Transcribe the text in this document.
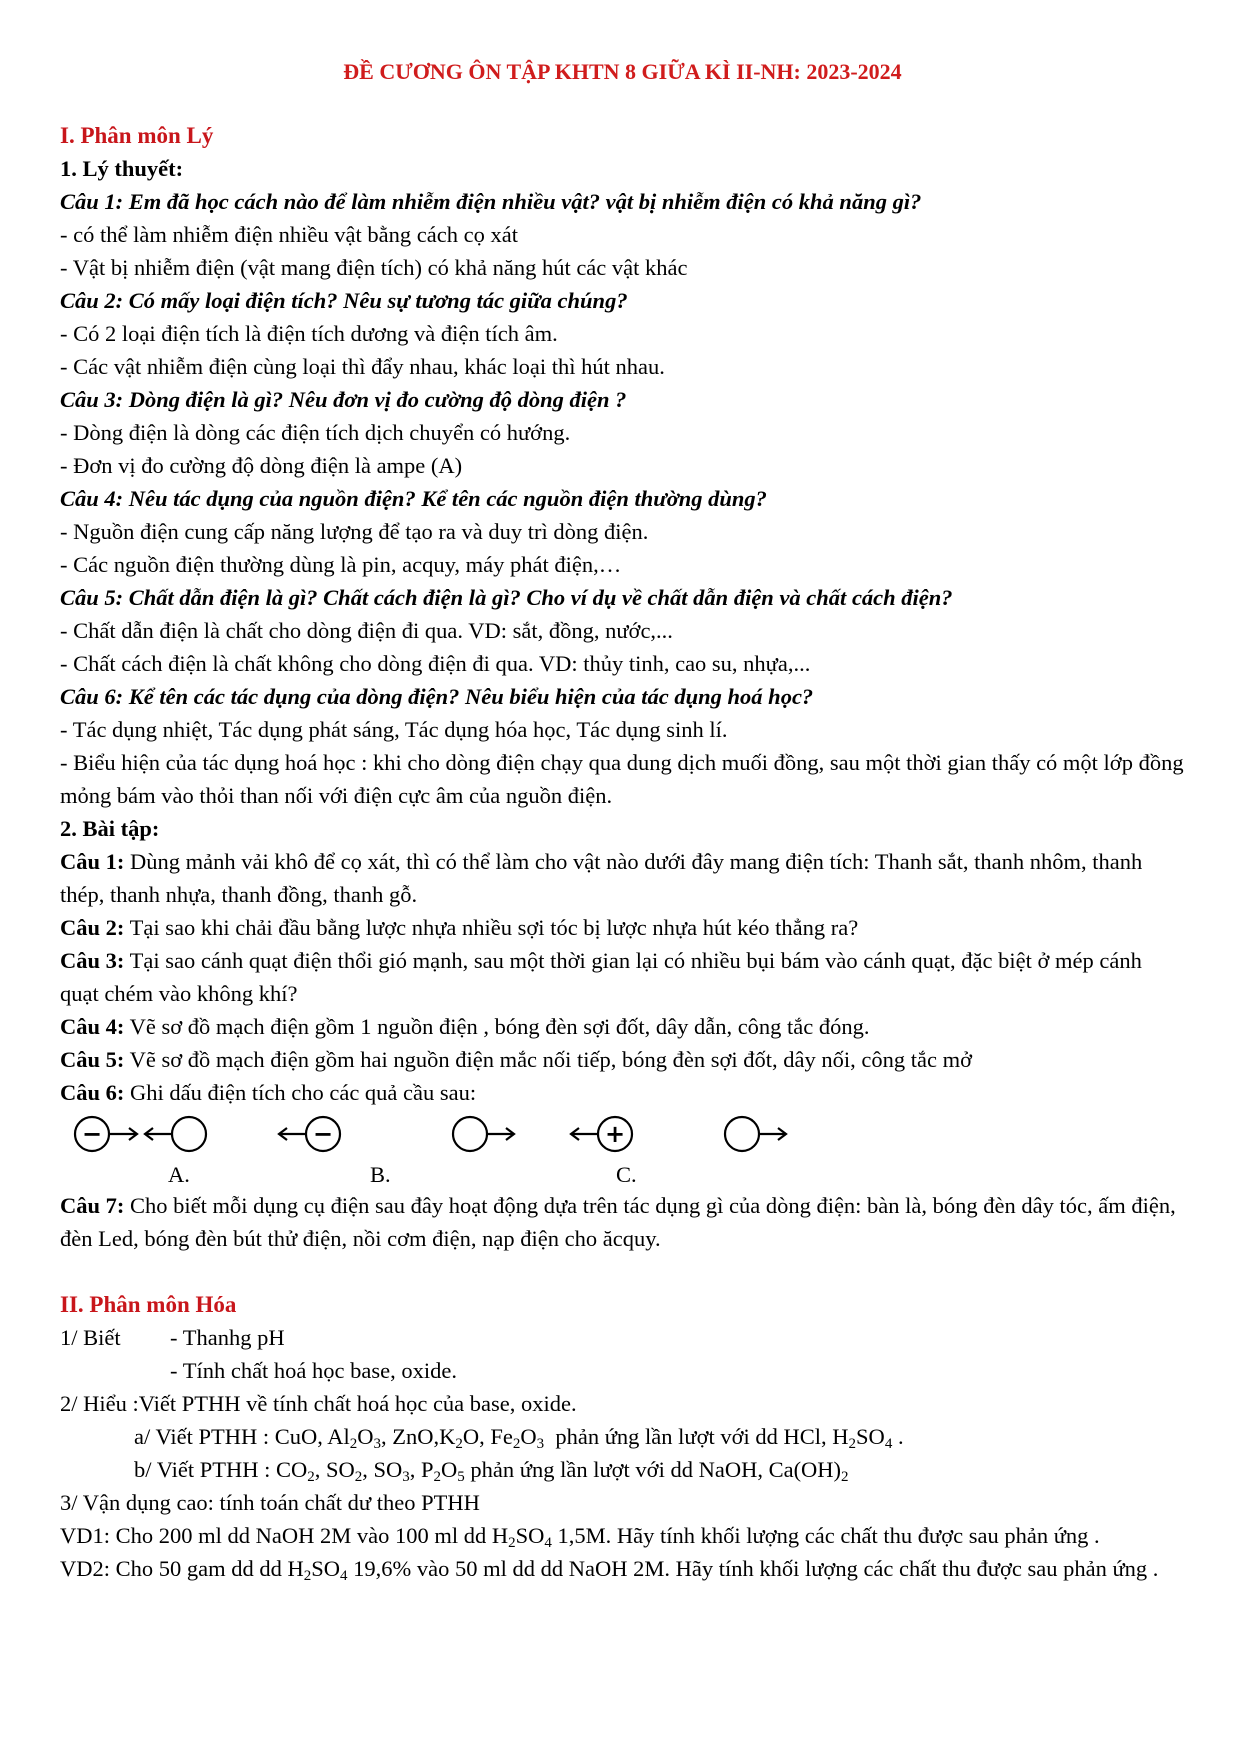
ĐỀ CƯƠNG ÔN TẬP KHTN 8 GIỮA KÌ II-NH: 2023-2024
I. Phân môn Lý
1. Lý thuyết:
Câu 1: Em đã học cách nào để làm nhiễm điện nhiều vật? vật bị nhiễm điện có khả năng gì?
- có thể làm nhiễm điện nhiều vật bằng cách cọ xát
- Vật bị nhiễm điện (vật mang điện tích) có khả năng hút các vật khác
Câu 2: Có mấy loại điện tích? Nêu sự tương tác giữa chúng?
- Có 2 loại điện tích là điện tích dương và điện tích âm.
- Các vật nhiễm điện cùng loại thì đẩy nhau, khác loại thì hút nhau.
Câu 3: Dòng điện là gì? Nêu đơn vị đo cường độ dòng điện ?
- Dòng điện là dòng các điện tích dịch chuyển có hướng.
- Đơn vị đo cường độ dòng điện là ampe (A)
Câu 4: Nêu tác dụng của nguồn điện? Kể tên các nguồn điện thường dùng?
- Nguồn điện cung cấp năng lượng để tạo ra và duy trì dòng điện.
- Các nguồn điện thường dùng là pin, acquy, máy phát điện,…
Câu 5: Chất dẫn điện là gì? Chất cách điện là gì? Cho ví dụ về chất dẫn điện và chất cách điện?
- Chất dẫn điện là chất cho dòng điện đi qua. VD: sắt, đồng, nước,...
- Chất cách điện là chất không cho dòng điện đi qua. VD: thủy tinh, cao su, nhựa,...
Câu 6: Kể tên các tác dụng của dòng điện? Nêu biểu hiện của tác dụng hoá học?
- Tác dụng nhiệt, Tác dụng phát sáng, Tác dụng hóa học, Tác dụng sinh lí.
- Biểu hiện của tác dụng hoá học : khi cho dòng điện chạy qua dung dịch muối đồng, sau một thời gian thấy có một lớp đồng mỏng bám vào thỏi than nối với điện cực âm của nguồn điện.
2. Bài tập:
Câu 1: Dùng mảnh vải khô để cọ xát, thì có thể làm cho vật nào dưới đây mang điện tích: Thanh sắt, thanh nhôm, thanh thép, thanh nhựa, thanh đồng, thanh gỗ.
Câu 2: Tại sao khi chải đầu bằng lược nhựa nhiều sợi tóc bị lược nhựa hút kéo thẳng ra?
Câu 3: Tại sao cánh quạt điện thổi gió mạnh, sau một thời gian lại có nhiều bụi bám vào cánh quạt, đặc biệt ở mép cánh quạt chém vào không khí?
Câu 4: Vẽ sơ đồ mạch điện gồm 1 nguồn điện , bóng đèn sợi đốt, dây dẫn, công tắc đóng.
Câu 5: Vẽ sơ đồ mạch điện gồm hai nguồn điện mắc nối tiếp, bóng đèn sợi đốt, dây nối, công tắc mở
Câu 6: Ghi dấu điện tích cho các quả cầu sau:
−	−	+
A.	B.	C.
Câu 7: Cho biết mỗi dụng cụ điện sau đây hoạt động dựa trên tác dụng gì của dòng điện: bàn là, bóng đèn dây tóc, ấm điện, đèn Led, bóng đèn bút thử điện, nồi cơm điện, nạp điện cho ăcquy.
II. Phân môn Hóa
1/ Biết	- Thanhg pH
- Tính chất hoá học base, oxide.
2/ Hiểu :Viết PTHH về tính chất hoá học của base, oxide.
a/ Viết PTHH : CuO, $Al_2O_3$, $ZnO,K_2O$, $Fe_2O_3$  phản ứng lần lượt với dd HCl, $H_2SO_4$ .
b/ Viết PTHH : $CO_2$, $SO_2$, $SO_3$, $P_2O_5$ phản ứng lần lượt với dd NaOH, $Ca(OH)_2$
3/ Vận dụng cao: tính toán chất dư theo PTHH
VD1: Cho 200 ml dd NaOH 2M vào 100 ml dd $H_2SO_4$ 1,5M. Hãy tính khối lượng các chất thu được sau phản ứng .
VD2: Cho 50 gam dd dd $H_2SO_4$ 19,6% vào 50 ml dd dd NaOH 2M. Hãy tính khối lượng các chất thu được sau phản ứng .
